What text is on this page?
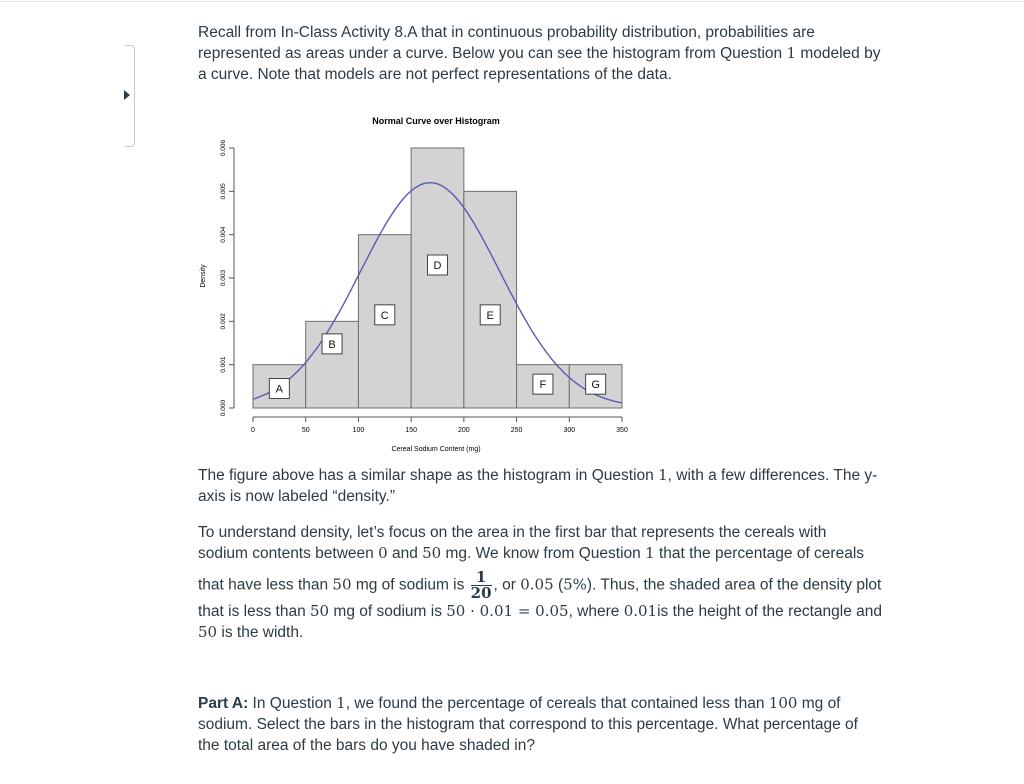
Recall from In-Class Activity 8.A that in continuous probability distribution, probabilities are
represented as areas under a curve. Below you can see the histogram from Question 1 modeled by
a curve. Note that models are not perfect representations of the data.

The figure above has a similar shape as the histogram in Question 1, with a few differences. The y-
axis is now labeled “density.”

To understand density, let’s focus on the area in the first bar that represents the cereals with
sodium contents between 0 and 50 mg. We know from Question 1 that the percentage of cereals
that have less than 50 mg of sodium is $\frac{1}{20}$ , or 0.05 (5%). Thus, the shaded area of the density plot
that is less than 50 mg of sodium is 50 · 0.01 = 0.05, where 0.01is the height of the rectangle and
50 is the width.

Part A: In Question 1, we found the percentage of cereals that contained less than 100 mg of
sodium. Select the bars in the histogram that correspond to this percentage. What percentage of
the total area of the bars do you have shaded in?

Normal Curve over Histogram
Cereal Sodium Content (mg)
Density
A
B
C
D
E
F	G
0	50	100	150	200	250	300	350
0.000
0.001
0.002
0.003
0.004
0.005
0.006
